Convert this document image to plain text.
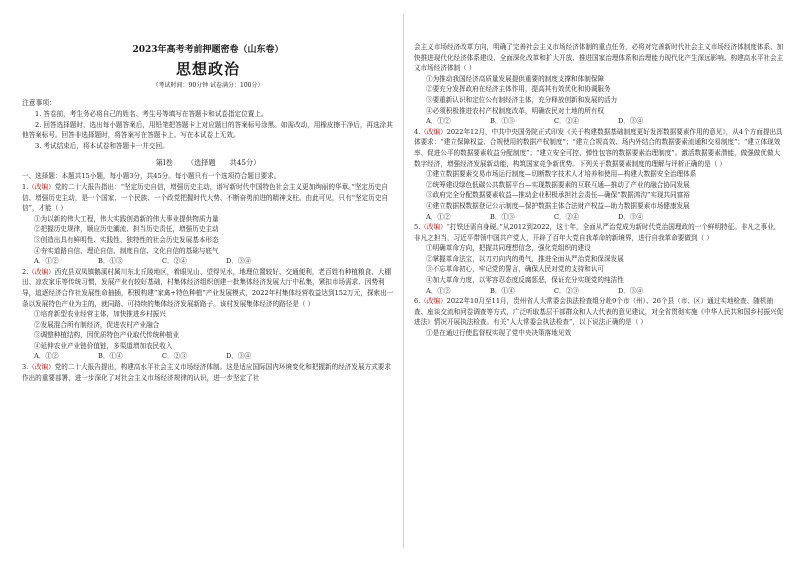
2023年高考考前押题密卷（山东卷）
思想政治
（考试时间：90分钟 试卷满分：100分）

注意事项：

1. 答卷前，考生务必将自己的姓名、考生号等填写在答题卡和试卷指定位置上。

2. 回答选择题时，选出每小题答案后，用铅笔把答题卡上对应题目的答案标号涂黑。如需改动，用橡皮擦干净后，再选涂其他答案标号。回答非选择题时，将答案写在答题卡上。写在本试卷上无效。

3. 考试结束后，将本试卷和答题卡一并交回。

第Ⅰ卷 （选择题 共45分）

一、选择题：本题共15小题，每小题3分，共45分。每小题只有一个选项符合题目要求。

1.（改编）党的二十大报告指出：“坚定历史自信，增强历史主动，谱写新时代中国特色社会主义更加绚丽的华章。”坚定历史自信、增强历史主动，是一个国家、一个民族、一个政党把握时代大势、不断奋勇前进的精神支柱。由此可见，只有“坚定历史自信”，才能（ ）

①为以新的伟大工程，伟大实践创造新的伟大事业提供物质力量

②把握历史规律，顺应历史潮流、担当历史责任，增强历史主动

③创造出具有鲜明性、实践性、独特性的社会历史发展基本形态

④夯实道路自信、理论自信、制度自信、文化自信的基础与底气

A．①②	B．①③	C．②④	D．③④

2.（改编）西充县双凤镇鹅溪村属川东北丘陵地区，着眼见山、望得见水，地理位置较好、交通便利，老百姓有种植粮食、大棚田、凉农家乐等传统习惯，发展产业有较好基础，村集体经济组织创建一批集体经济发展大厅中私集，紧扣市场需求、因势利导，追逐经济合作社发展性命抽插，积极构建“家禽+特色种植”产业发展模式，2022年村集体经营收益达到152万元，探索出一条以发展特色产业为主的，就同路、可持续的集体经济发展新路子。该村发展集体经济的路径是（ ）

①培育新型农业经营主体，加快推进乡村振兴

②发展混合所有制经济，促进农村产业融合

③调整种植结构，因优质特色产业取代传统种植业

④延伸农业产业链价值链，多渠道增加农民收入

A．①②	B．①④	C．②③	D．③④

3.（改编）党的二十大报告提出，构建高水平社会主义市场经济体制。这是适应国际国内环境变化和把握新的经济发展方式要求作出的重要部署，进一步深化了对社会主义市场经济规律的认识，进一步坚定了社

会主义市场经济改革方向，明确了完善社会主义市场经济体制的重点任务，必将对完善新时代社会主义市场经济体制度体系、加快推进现代化经济体系建设、全面深化改革和扩大开放、推进国家治理体系和治理能力现代化产生深远影响。构建高水平社会主义市场经济体制（ ）

①为推动我国经济高质量发展提供重要的制度支撑和体制保障

②要充分发挥政府在经济主体作用，提高其有效优化和协调服务

③要重新认识和定位公有制经济主体，充分释放创新和发展的活力

④必须积极推进农村产权制度改革，明确农民对土地的所有权

A．①②	B．①③	C．②④	D．③④

4.（改编）2022年12月，中共中央国务院正式印发《关于构建数据基础制度更好发挥数据要素作用的意见》，从4个方面提出具体要求：“建立保障权益、合规使用的数据产权制度”；“建立合规高效、场内外结合的数据要素流通和交易制度”；“建立体现效率、促进公平的数据要素收益分配制度”；“建立安全可控、弹性包容的数据要素治理制度”。激活数据要素潜能，做强做优做大数字经济，增强经济发展新动能，构筑国家竞争新优势。下列关于数据要素制度的理解与评析正确的是（ ）

①建立数据要素交易市场运行制度—切断数字技术人才培养和使用—构建大数据安全治理体系

②统筹建设绿色低碳公共数据平台—实现数据要素的互联互通—推动了产业的融合协同发展

③政府完全分配数据要素收益—推动企业积极承担社会责任—确保“数据鸿沟”实现共同富裕

④建立数据权数据登记公示制度—保护数据主体合法财产权益—助力数据要素市场健康发展

A．①②	B．①③	C．②④	D．③④

5.（改编）“打铁还需自身硬。”从2012到2022，这十年，全面从严治党成为新时代党治国理政的一个鲜明特征。非凡之事业，非凡之担当，习近平带领中国共产党人，开辟了百年大党自我革命的新境界，进行自我革命要做到（ ）

①明确革命方向，把握共同理想信念，强化党组织的建设

②掌握革命法宝，以刀刃向内的勇气，推进全面从严治党和保深发展

③不忘革命初心，牢记党的誓言，确保人民对党的支持和认可

④加大革命力度，以零容忍态度反腐惩恶，保证充分实现党的纯洁性

A．①②	B．①④	C．②③	D．③④

6.（改编）2022年10月至11月，贵州省人大常委会执法检查组分赴9个市（州）、26个县（市、区）通过实地检查、随机抽查、座谈交流和问卷调查等方式，广泛听取基层干部群众和人大代表的意见建议，对全省贯彻实施《中华人民共和国乡村振兴促进法》情况开展执法检查。有关“人大常委会执法检查”，以下说法正确的是（ ）

①是在通过行使监督权实现了党中央决策落地见效
